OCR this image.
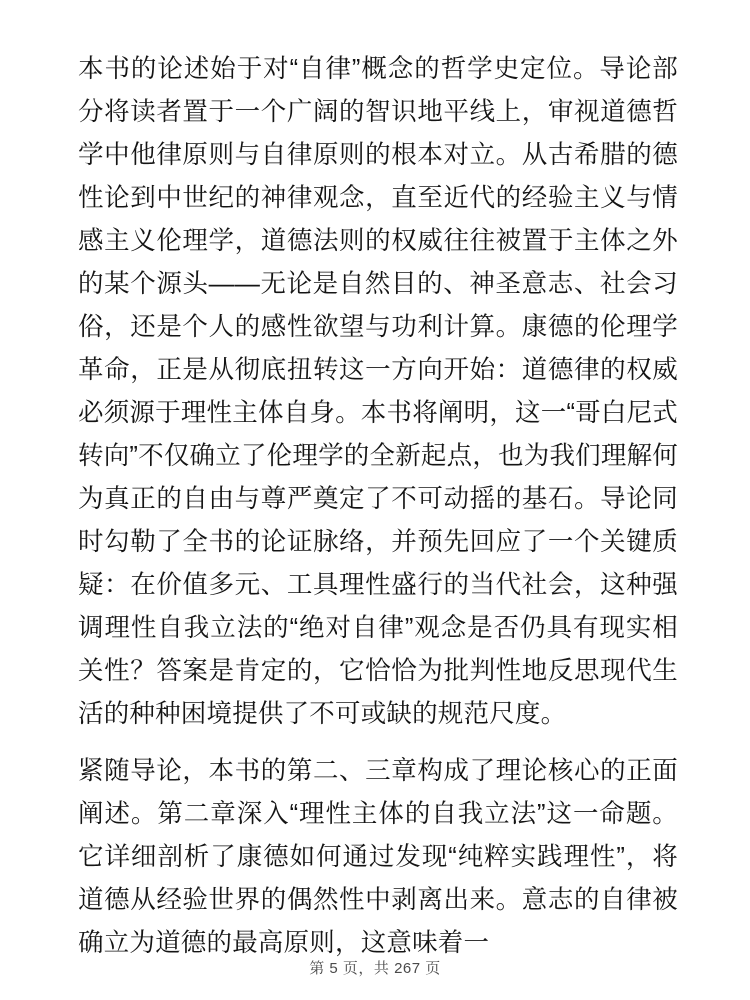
本书的论述始于对“自律”概念的哲学史定位。导论部分将读者置于一个广阔的智识地平线上，审视道德哲学中他律原则与自律原则的根本对立。从古希腊的德性论到中世纪的神律观念，直至近代的经验主义与情感主义伦理学，道德法则的权威往往被置于主体之外的某个源头——无论是自然目的、神圣意志、社会习俗，还是个人的感性欲望与功利计算。康德的伦理学革命，正是从彻底扭转这一方向开始：道德律的权威必须源于理性主体自身。本书将阐明，这一“哥白尼式转向”不仅确立了伦理学的全新起点，也为我们理解何为真正的自由与尊严奠定了不可动摇的基石。导论同时勾勒了全书的论证脉络，并预先回应了一个关键质疑：在价值多元、工具理性盛行的当代社会，这种强调理性自我立法的“绝对自律”观念是否仍具有现实相关性？答案是肯定的，它恰恰为批判性地反思现代生活的种种困境提供了不可或缺的规范尺度。

紧随导论，本书的第二、三章构成了理论核心的正面阐述。第二章深入“理性主体的自我立法”这一命题。它详细剖析了康德如何通过发现“纯粹实践理性”，将道德从经验世界的偶然性中剥离出来。意志的自律被确立为道德的最高原则，这意味着一

第 5 页，共 267 页
